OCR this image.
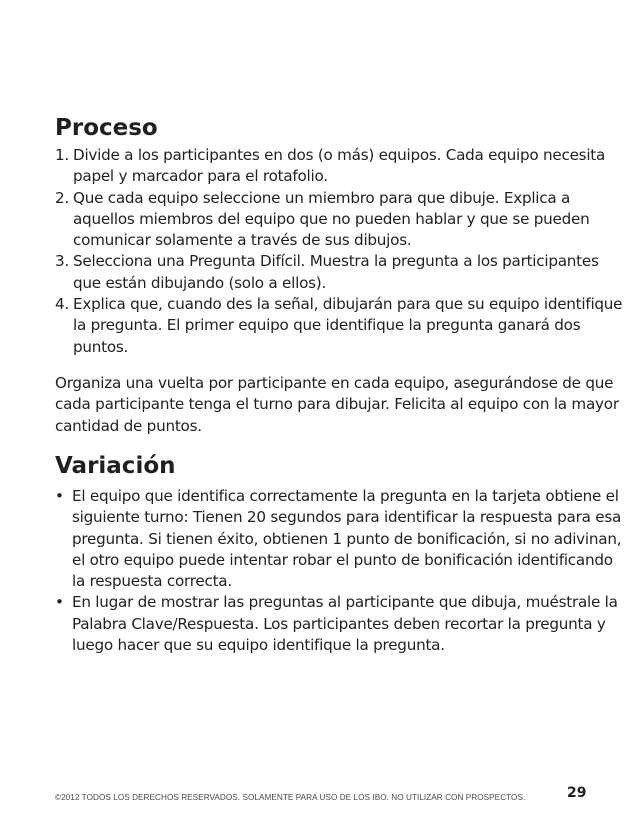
Proceso
1. Divide a los participantes en dos (o más) equipos. Cada equipo necesita papel y marcador para el rotafolio.
2. Que cada equipo seleccione un miembro para que dibuje. Explica a aquellos miembros del equipo que no pueden hablar y que se pueden comunicar solamente a través de sus dibujos.
3. Selecciona una Pregunta Difícil. Muestra la pregunta a los participantes que están dibujando (solo a ellos).
4. Explica que, cuando des la señal, dibujarán para que su equipo identifique la pregunta. El primer equipo que identifique la pregunta ganará dos puntos.

Organiza una vuelta por participante en cada equipo, asegurándose de que cada participante tenga el turno para dibujar. Felicita al equipo con la mayor cantidad de puntos.

Variación
• El equipo que identifica correctamente la pregunta en la tarjeta obtiene el siguiente turno: Tienen 20 segundos para identificar la respuesta para esa pregunta. Si tienen éxito, obtienen 1 punto de bonificación, si no adivinan, el otro equipo puede intentar robar el punto de bonificación identificando la respuesta correcta.
• En lugar de mostrar las preguntas al participante que dibuja, muéstrale la Palabra Clave/Respuesta. Los participantes deben recortar la pregunta y luego hacer que su equipo identifique la pregunta.
©2012 TODOS LOS DERECHOS RESERVADOS. SOLAMENTE PARA USO DE LOS IBO. NO UTILIZAR CON PROSPECTOS.	29
